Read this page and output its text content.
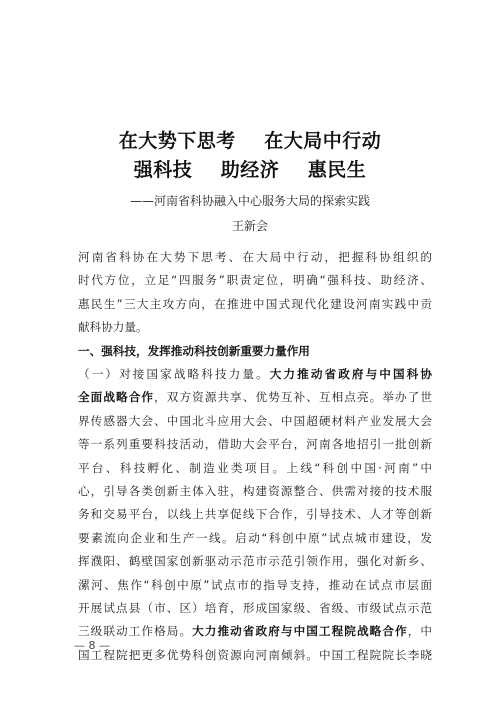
在大势下思考    在大局中行动
强科技    助经济    惠民生
——河南省科协融入中心服务大局的探索实践
王新会
河南省科协在大势下思考、在大局中行动，把握科协组织的
时代方位，立足“四服务”职责定位，明确“强科技、助经济、
惠民生”三大主攻方向，在推进中国式现代化建设河南实践中贡
献科协力量。
一、强科技，发挥推动科技创新重要力量作用
（一）对接国家战略科技力量。大力推动省政府与中国科协
全面战略合作，双方资源共享、优势互补、互相点亮。举办了世
界传感器大会、中国北斗应用大会、中国超硬材料产业发展大会
等一系列重要科技活动，借助大会平台，河南各地招引一批创新
平台、科技孵化、制造业类项目。上线“科创中国·河南”中
心，引导各类创新主体入驻，构建资源整合、供需对接的技术服
务和交易平台，以线上共享促线下合作，引导技术、人才等创新
要素流向企业和生产一线。启动“科创中原”试点城市建设，发
挥濮阳、鹤壁国家创新驱动示范市示范引领作用，强化对新乡、
漯河、焦作“科创中原”试点市的指导支持，推动在试点市层面
开展试点县（市、区）培育，形成国家级、省级、市级试点示范
三级联动工作格局。大力推动省政府与中国工程院战略合作，中
国工程院把更多优势科创资源向河南倾斜。中国工程院院长李晓
— 8 —
